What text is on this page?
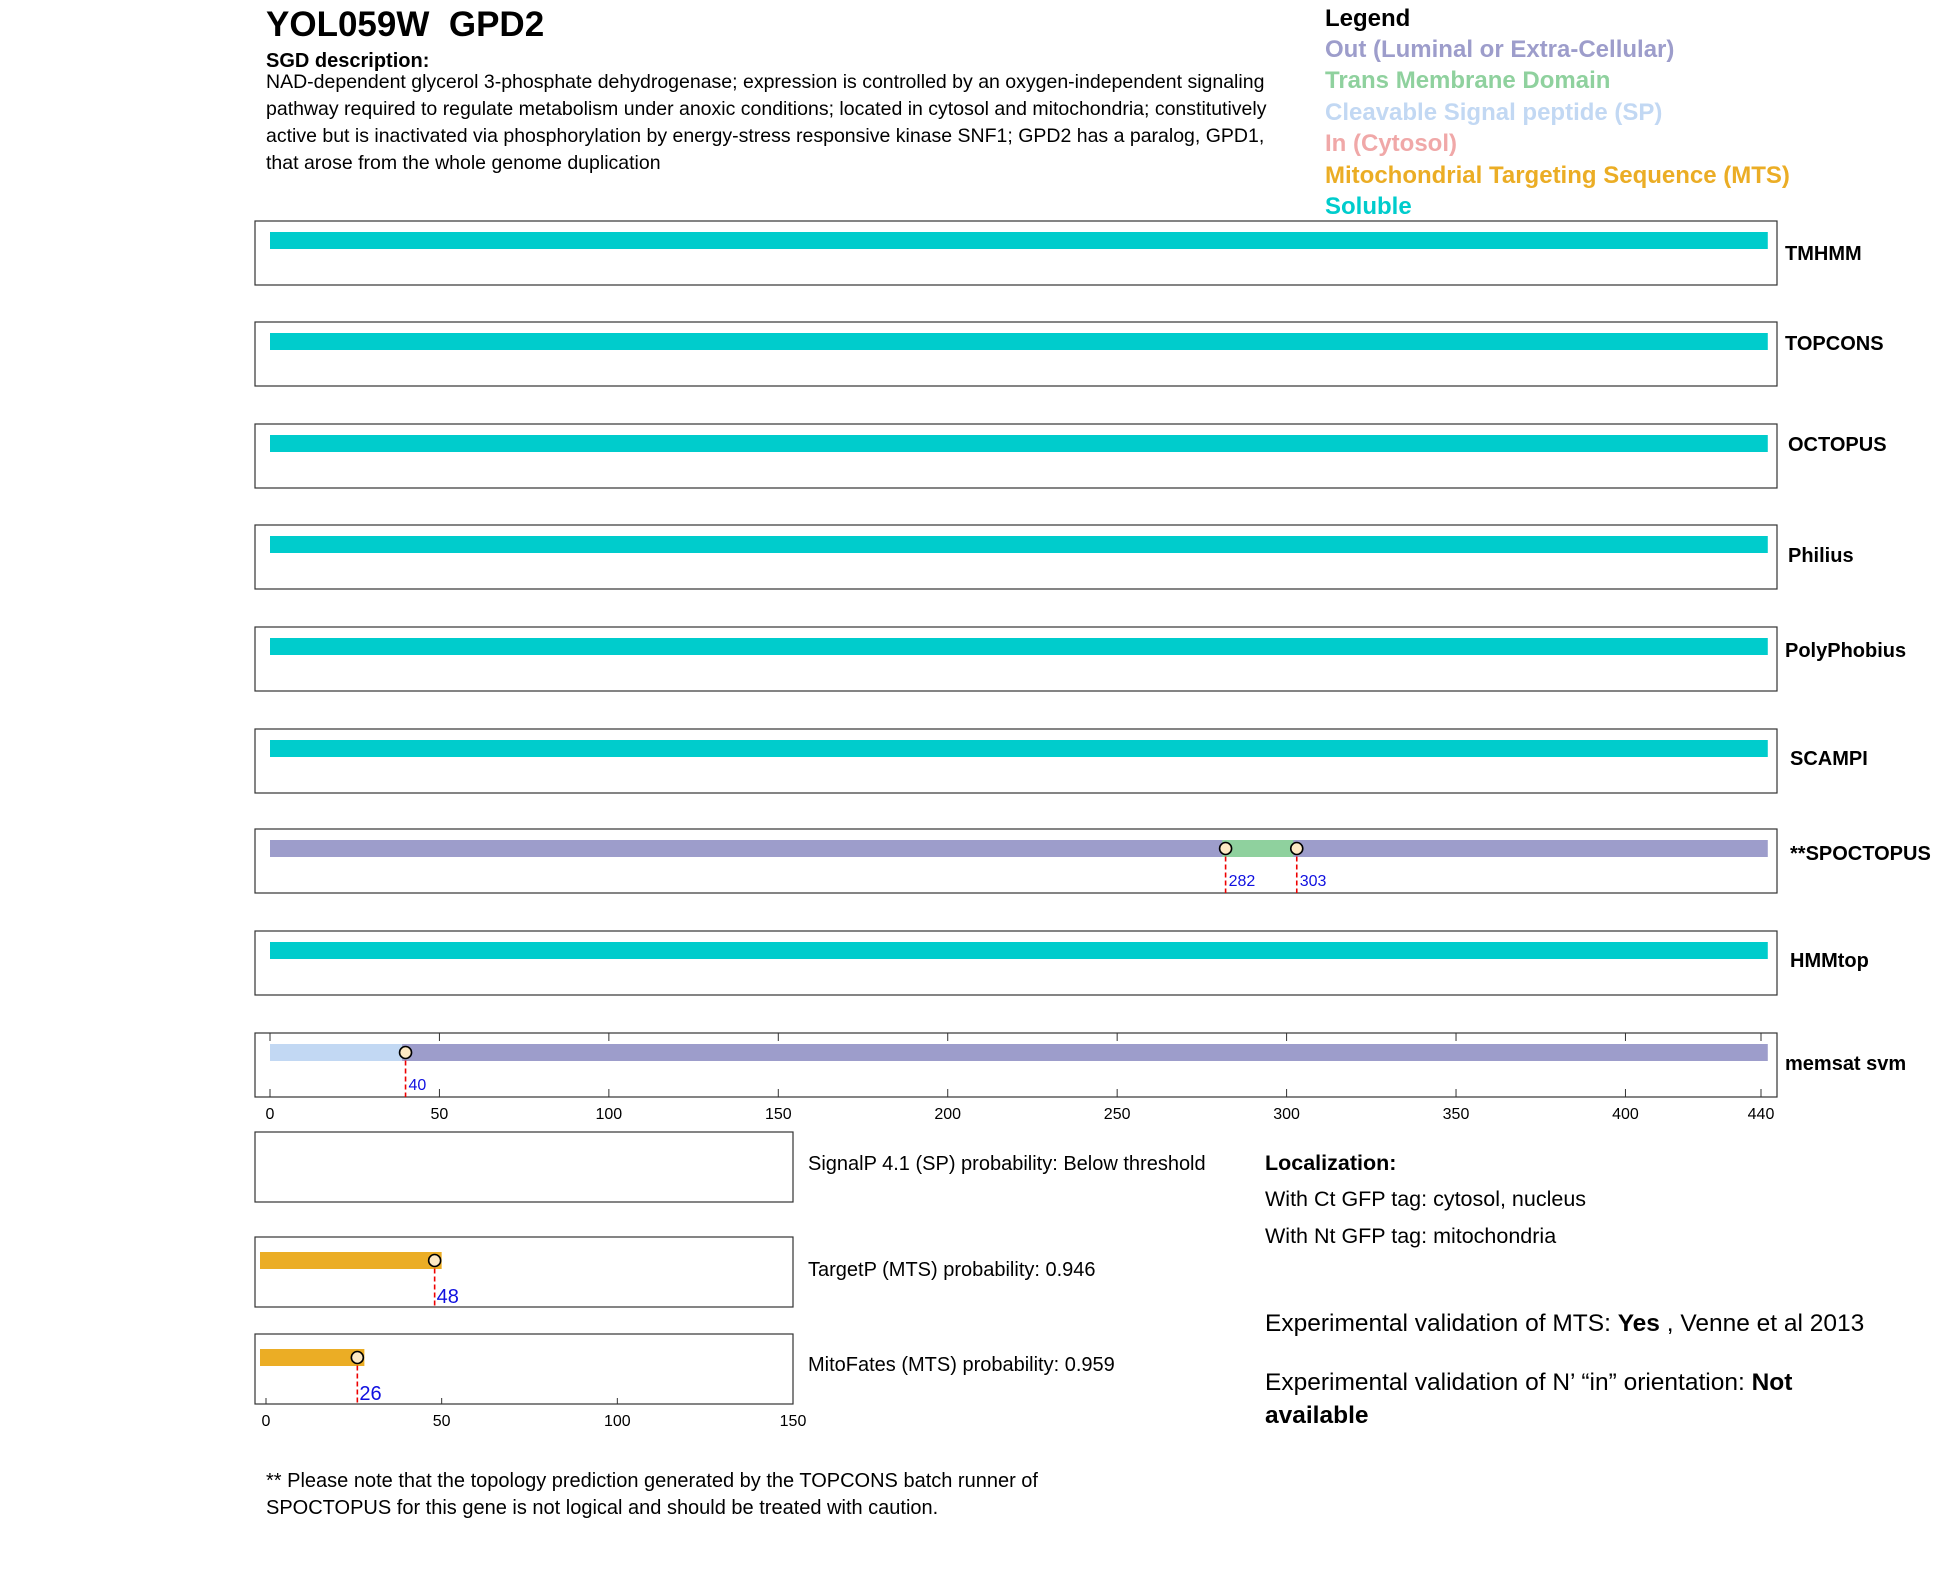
YOL059W GPD2
SGD description:
NAD-dependent glycerol 3-phosphate dehydrogenase; expression is controlled by an oxygen-independent signaling pathway required to regulate metabolism under anoxic conditions; located in cytosol and mitochondria; constitutively active but is inactivated via phosphorylation by energy-stress responsive kinase SNF1; GPD2 has a paralog, GPD1, that arose from the whole genome duplication
Legend
Out (Luminal or Extra-Cellular)
Trans Membrane Domain
Cleavable Signal peptide (SP)
In (Cytosol)
Mitochondrial Targeting Sequence (MTS)
Soluble
282	303
40
0	50	100	150	200	250	300	350	400	440
48
26
0	50	100	150
TMHMM
TOPCONS
OCTOPUS
Philius
PolyPhobius
SCAMPI
**SPOCTOPUS
HMMtop
memsat svm
SignalP 4.1 (SP) probability: Below threshold
TargetP (MTS) probability: 0.946
MitoFates (MTS) probability: 0.959
Localization:
With Ct GFP tag: cytosol, nucleus
With Nt GFP tag: mitochondria
Experimental validation of MTS: Yes , Venne et al 2013
Experimental validation of N’ “in” orientation: Not available
** Please note that the topology prediction generated by the TOPCONS batch runner of SPOCTOPUS for this gene is not logical and should be treated with caution.
